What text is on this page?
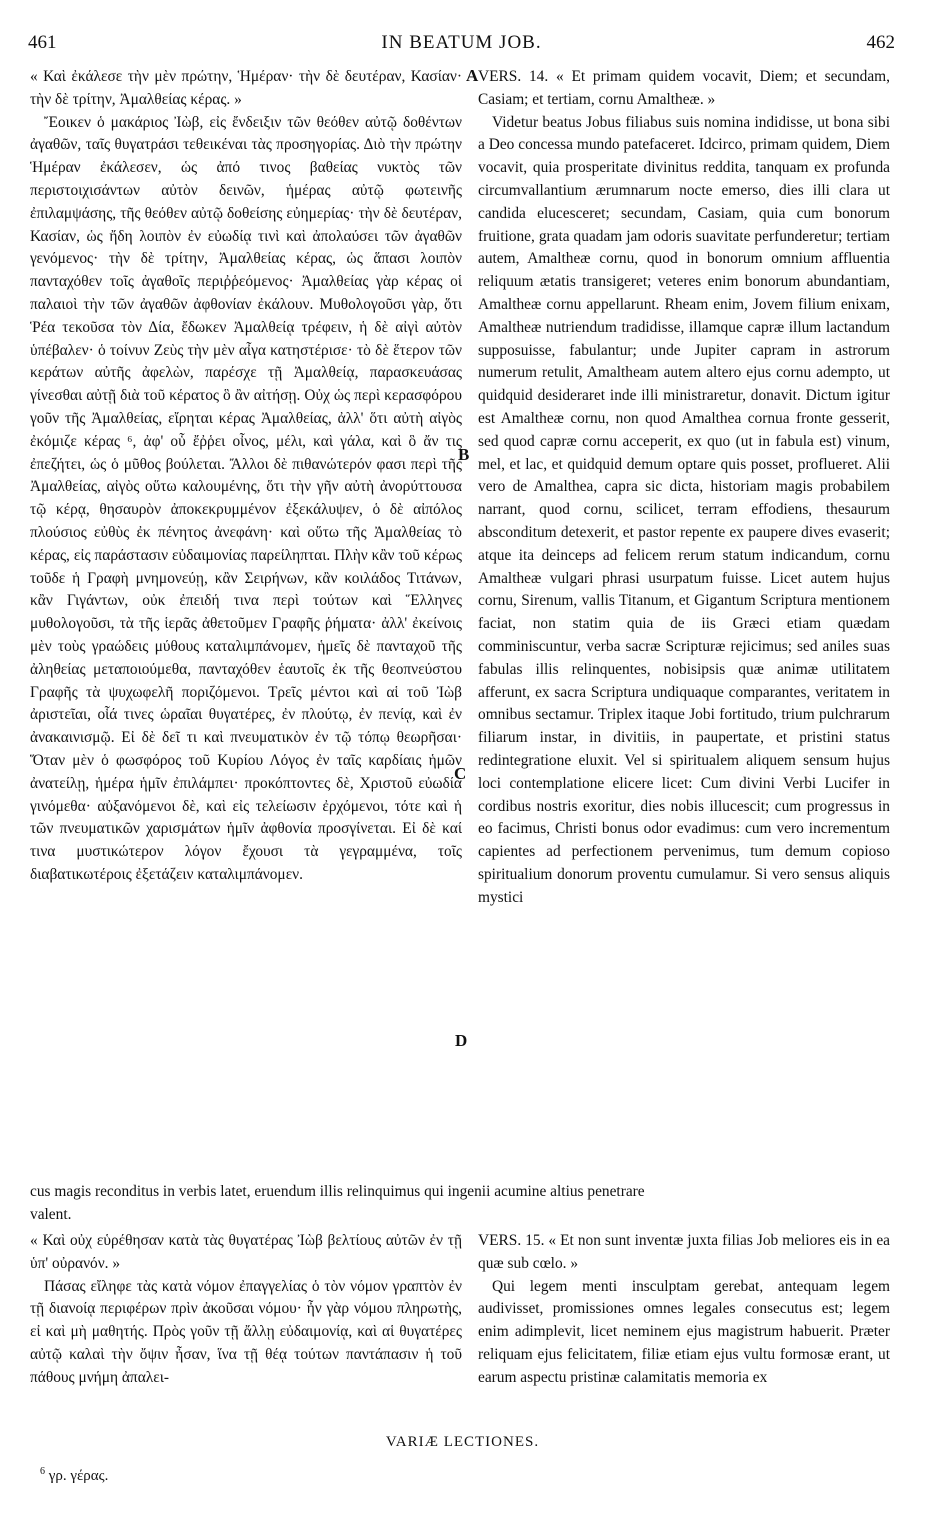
461	IN BEATUM JOB.	462

« Καὶ ἐκάλεσε τὴν μὲν πρώτην, Ἡμέραν· τὴν δὲ δευτέραν, Κασίαν· τὴν δὲ τρίτην, Ἀμαλθείας κέρας. »

Ἔοικεν ὁ μακάριος Ἰὼβ, εἰς ἔνδειξιν τῶν θεόθεν αὐτῷ δοθέντων ἀγαθῶν, ταῖς θυγατράσι τεθεικέναι τὰς προσηγορίας. Διὸ τὴν πρώτην Ἡμέραν ἐκάλεσεν, ὡς ἀπό τινος βαθείας νυκτὸς τῶν περιστοιχισάντων αὐτὸν δεινῶν, ἡμέρας αὐτῷ φωτεινῆς ἐπιλαμψάσης, τῆς θεόθεν αὐτῷ δοθείσης εὐημερίας· τὴν δὲ δευτέραν, Κασίαν, ὡς ἤδη λοιπὸν ἐν εὐωδίᾳ τινὶ καὶ ἀπολαύσει τῶν ἀγαθῶν γενόμενος· τὴν δὲ τρίτην, Ἀμαλθείας κέρας, ὡς ἅπασι λοιπὸν πανταχόθεν τοῖς ἀγαθοῖς περιῤῥεόμενος· Ἀμαλθείας γὰρ κέρας οἱ παλαιοὶ τὴν τῶν ἀγαθῶν ἀφθονίαν ἐκάλουν. Μυθολογοῦσι γὰρ, ὅτι Ῥέα τεκοῦσα τὸν Δία, ἔδωκεν Ἀμαλθείᾳ τρέφειν, ἡ δὲ αἰγὶ αὐτὸν ὑπέβαλεν· ὁ τοίνυν Ζεὺς τὴν μὲν αἶγα κατηστέρισε· τὸ δὲ ἕτερον τῶν κεράτων αὐτῆς ἀφελὼν, παρέσχε τῇ Ἀμαλθείᾳ, παρασκευάσας γίνεσθαι αὐτῇ διὰ τοῦ κέρατος ὃ ἂν αἰτήσῃ. Οὐχ ὡς περὶ κερασφόρου γοῦν τῆς Ἀμαλθείας, εἴρηται κέρας Ἀμαλθείας, ἀλλ' ὅτι αὐτὴ αἰγὸς ἐκόμιζε κέρας ⁶, ἀφ' οὗ ἔῤῥει οἶνος, μέλι, καὶ γάλα, καὶ ὃ ἄν τις ἐπεζήτει, ὡς ὁ μῦθος βούλεται. Ἄλλοι δὲ πιθανώτερόν φασι περὶ τῆς Ἀμαλθείας, αἰγὸς οὕτω καλουμένης, ὅτι τὴν γῆν αὐτὴ ἀνορύττουσα τῷ κέρᾳ, θησαυρὸν ἀποκεκρυμμένον ἐξεκάλυψεν, ὁ δὲ αἰπόλος πλούσιος εὐθὺς ἐκ πένητος ἀνεφάνη· καὶ οὕτω τῆς Ἀμαλθείας τὸ κέρας, εἰς παράστασιν εὐδαιμονίας παρείληπται. Πλὴν κἂν τοῦ κέρως τοῦδε ἡ Γραφὴ μνημονεύῃ, κἂν Σειρήνων, κἂν κοιλάδος Τιτάνων, κἂν Γιγάντων, οὐκ ἐπειδή τινα περὶ τούτων καὶ Ἕλληνες μυθολογοῦσι, τὰ τῆς ἱερᾶς ἀθετοῦμεν Γραφῆς ῥήματα· ἀλλ' ἐκείνοις μὲν τοὺς γραώδεις μύθους καταλιμπάνομεν, ἡμεῖς δὲ πανταχοῦ τῆς ἀληθείας μεταποιούμεθα, πανταχόθεν ἑαυτοῖς ἐκ τῆς θεοπνεύστου Γραφῆς τὰ ψυχωφελῆ ποριζόμενοι. Τρεῖς μέντοι καὶ αἱ τοῦ Ἰὼβ ἀριστεῖαι, οἷά τινες ὡραῖαι θυγατέρες, ἐν πλούτῳ, ἐν πενίᾳ, καὶ ἐν ἀνακαινισμῷ. Εἰ δὲ δεῖ τι καὶ πνευματικὸν ἐν τῷ τόπῳ θεωρῆσαι· Ὅταν μὲν ὁ φωσφόρος τοῦ Κυρίου Λόγος ἐν ταῖς καρδίαις ἡμῶν ἀνατείλῃ, ἡμέρα ἡμῖν ἐπιλάμπει· προκόπτοντες δὲ, Χριστοῦ εὐωδία γινόμεθα· αὐξανόμενοι δὲ, καὶ εἰς τελείωσιν ἐρχόμενοι, τότε καὶ ἡ τῶν πνευματικῶν χαρισμάτων ἡμῖν ἀφθονία προσγίνεται. Εἰ δὲ καί τινα μυστικώτερον λόγον ἔχουσι τὰ γεγραμμένα, τοῖς διαβατικωτέροις ἐξετάζειν καταλιμπάνομεν.

VERS. 14. « Et primam quidem vocavit, Diem; et secundam, Casiam; et tertiam, cornu Amaltheæ. »

Videtur beatus Jobus filiabus suis nomina indidisse, ut bona sibi a Deo concessa mundo patefaceret. Idcirco, primam quidem, Diem vocavit, quia prosperitate divinitus reddita, tanquam ex profunda circumvallantium ærumnarum nocte emerso, dies illi clara ut candida elucesceret; secundam, Casiam, quia cum bonorum fruitione, grata quadam jam odoris suavitate perfunderetur; tertiam autem, Amaltheæ cornu, quod in bonorum omnium affluentia reliquum ætatis transigeret; veteres enim bonorum abundantiam, Amaltheæ cornu appellarunt. Rheam enim, Jovem filium enixam, Amaltheæ nutriendum tradidisse, illamque capræ illum lactandum supposuisse, fabulantur; unde Jupiter capram in astrorum numerum retulit, Amaltheam autem altero ejus cornu adempto, ut quidquid desideraret inde illi ministraretur, donavit. Dictum igitur est Amaltheæ cornu, non quod Amalthea cornua fronte gesserit, sed quod capræ cornu acceperit, ex quo (ut in fabula est) vinum, mel, et lac, et quidquid demum optare quis posset, proflueret. Alii vero de Amalthea, capra sic dicta, historiam magis probabilem narrant, quod cornu, scilicet, terram effodiens, thesaurum absconditum detexerit, et pastor repente ex paupere dives evaserit; atque ita deinceps ad felicem rerum statum indicandum, cornu Amaltheæ vulgari phrasi usurpatum fuisse. Licet autem hujus cornu, Sirenum, vallis Titanum, et Gigantum Scriptura mentionem faciat, non statim quia de iis Græci etiam quædam comminiscuntur, verba sacræ Scripturæ rejicimus; sed aniles suas fabulas illis relinquentes, nobisipsis quæ animæ utilitatem afferunt, ex sacra Scriptura undiquaque comparantes, veritatem in omnibus sectamur. Triplex itaque Jobi fortitudo, trium pulchrarum filiarum instar, in divitiis, in paupertate, et pristini status redintegratione eluxit. Vel si spiritualem aliquem sensum hujus loci contemplatione elicere licet: Cum divini Verbi Lucifer in cordibus nostris exoritur, dies nobis illucescit; cum progressus in eo facimus, Christi bonus odor evadimus: cum vero incrementum capientes ad perfectionem pervenimus, tum demum copioso spiritualium donorum proventu cumulamur. Si vero sensus aliquis mystici

A
B
C
D
cus magis reconditus in verbis latet, eruendum illis relinquimus qui ingenii acumine altius penetrare
valent.

« Καὶ οὐχ εὑρέθησαν κατὰ τὰς θυγατέρας Ἰὼβ βελτίους αὐτῶν ἐν τῇ ὑπ' οὐρανόν. »

Πάσας εἴληφε τὰς κατὰ νόμον ἐπαγγελίας ὁ τὸν νόμον γραπτὸν ἐν τῇ διανοίᾳ περιφέρων πρὶν ἀκοῦσαι νόμου· ἦν γὰρ νόμου πληρωτὴς, εἰ καὶ μὴ μαθητής. Πρὸς γοῦν τῇ ἄλλῃ εὐδαιμονίᾳ, καὶ αἱ θυγατέρες αὐτῷ καλαὶ τὴν ὄψιν ἦσαν, ἵνα τῇ θέᾳ τούτων παντάπασιν ἡ τοῦ πάθους μνήμη ἀπαλει-

VERS. 15. « Et non sunt inventæ juxta filias Job meliores eis in ea quæ sub cœlo. »

Qui legem menti insculptam gerebat, antequam legem audivisset, promissiones omnes legales consecutus est; legem enim adimplevit, licet neminem ejus magistrum habuerit. Præter reliquam ejus felicitatem, filiæ etiam ejus vultu formosæ erant, ut earum aspectu pristinæ calamitatis memoria ex

VARIÆ LECTIONES.
$^6$ γρ. γέρας.
